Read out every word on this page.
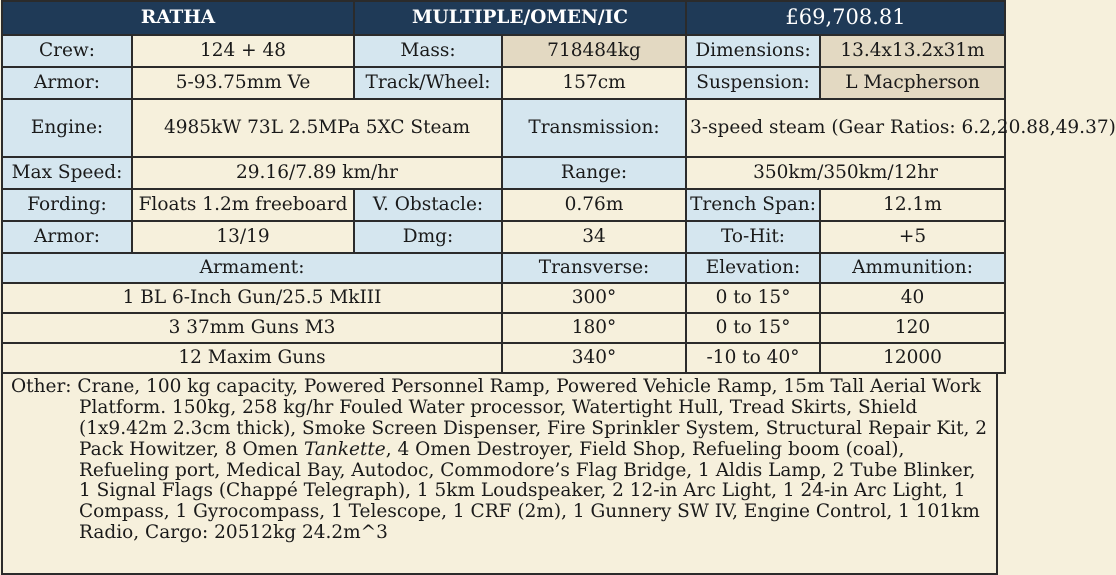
RATHA		MULTIPLE/OMEN/IC		£69,708.81	
Crew:	124 + 48	Mass:	718484kg	Dimensions:	13.4x13.2x31m
Armor:	5-93.75mm Ve	Track/Wheel:	157cm	Suspension:	L Macpherson
Engine:	4985kW 73L 2.5MPa 5XC Steam		Transmission:	3-speed steam (Gear Ratios: 6.2,20.88,49.37)	
Max Speed:	29.16/7.89 km/hr		Range:	350km/350km/12hr	
Fording:	Floats 1.2m freeboard	V. Obstacle:	0.76m	Trench Span:	12.1m
Armor:	13/19	Dmg:	34	To-Hit:	+5
Armament:			Transverse:	Elevation:	Ammunition:
1 BL 6-Inch Gun/25.5 MkIII			300°	0 to 15°	40
3 37mm Guns M3			180°	0 to 15°	120
12 Maxim Guns			340°	-10 to 40°	12000
Other: Crane, 100 kg capacity, Powered Personnel Ramp, Powered Vehicle Ramp, 15m Tall Aerial Work Platform. 150kg, 258 kg/hr Fouled Water processor, Watertight Hull, Tread Skirts, Shield (1x9.42m 2.3cm thick), Smoke Screen Dispenser, Fire Sprinkler System, Structural Repair Kit, 2 Pack Howitzer, 8 Omen Tankette, 4 Omen Destroyer, Field Shop, Refueling boom (coal), Refueling port, Medical Bay, Autodoc, Commodore’s Flag Bridge, 1 Aldis Lamp, 2 Tube Blinker, 1 Signal Flags (Chappé Telegraph), 1 5km Loudspeaker, 2 12-in Arc Light, 1 24-in Arc Light, 1 Compass, 1 Gyrocompass, 1 Telescope, 1 CRF (2m), 1 Gunnery SW IV, Engine Control, 1 101km Radio, Cargo: 20512kg 24.2m^3
